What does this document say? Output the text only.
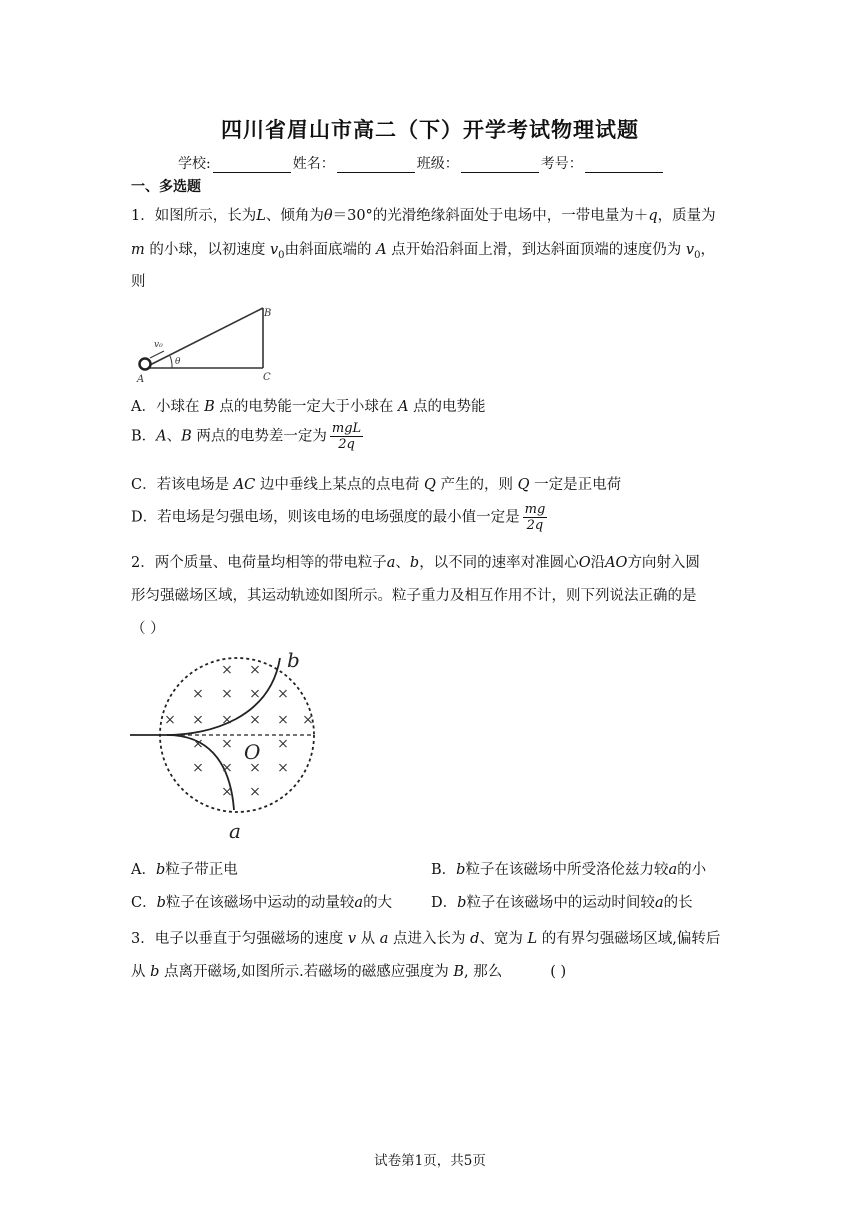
四川省眉山市高二（下）开学考试物理试题
学校:	姓名：	班级：	考号：
一、多选题
1．如图所示，长为L、倾角为θ＝30°的光滑绝缘斜面处于电场中，一带电量为＋q，质量为
m 的小球，以初速度 $v_0$由斜面底端的 A 点开始沿斜面上滑，到达斜面顶端的速度仍为 $v_0$，
则
B
A	C
v₀
θ
A．小球在 B 点的电势能一定大于小球在 A 点的电势能
B．A、B 两点的电势差一定为 $\frac{\text{mgL}}{2q}$
C．若该电场是 AC 边中垂线上某点的点电荷 Q 产生的，则 Q 一定是正电荷
D．若电场是匀强电场，则该电场的电场强度的最小值一定是 $\frac{mg}{2q}$
2．两个质量、电荷量均相等的带电粒子a、b，以不同的速率对准圆心O沿AO方向射入圆
形匀强磁场区域，其运动轨迹如图所示。粒子重力及相互作用不计，则下列说法正确的是
（ ）
× ×
× × × ×
× × × × × ×
× ×	×
× × × ×
× ×
O
b
a
A．b粒子带正电	B．b粒子在该磁场中所受洛伦兹力较a的小
C．b粒子在该磁场中运动的动量较a的大	D．b粒子在该磁场中的运动时间较a的长
3．电子以垂直于匀强磁场的速度 v 从 a 点进入长为 d、宽为 L 的有界匀强磁场区域,偏转后
从 b 点离开磁场,如图所示.若磁场的磁感应强度为 B, 那么	( )
试卷第1页，共5页
